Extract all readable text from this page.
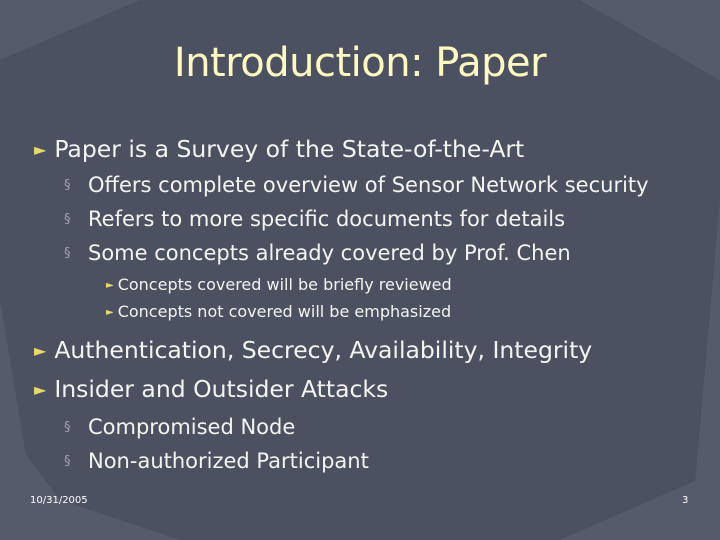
Introduction: Paper
► Paper is a Survey of the State-of-the-Art
§ Offers complete overview of Sensor Network security
§ Refers to more specific documents for details
§ Some concepts already covered by Prof. Chen
► Concepts covered will be briefly reviewed
► Concepts not covered will be emphasized
► Authentication, Secrecy, Availability, Integrity
► Insider and Outsider Attacks
§ Compromised Node
§ Non-authorized Participant
10/31/2005	3
